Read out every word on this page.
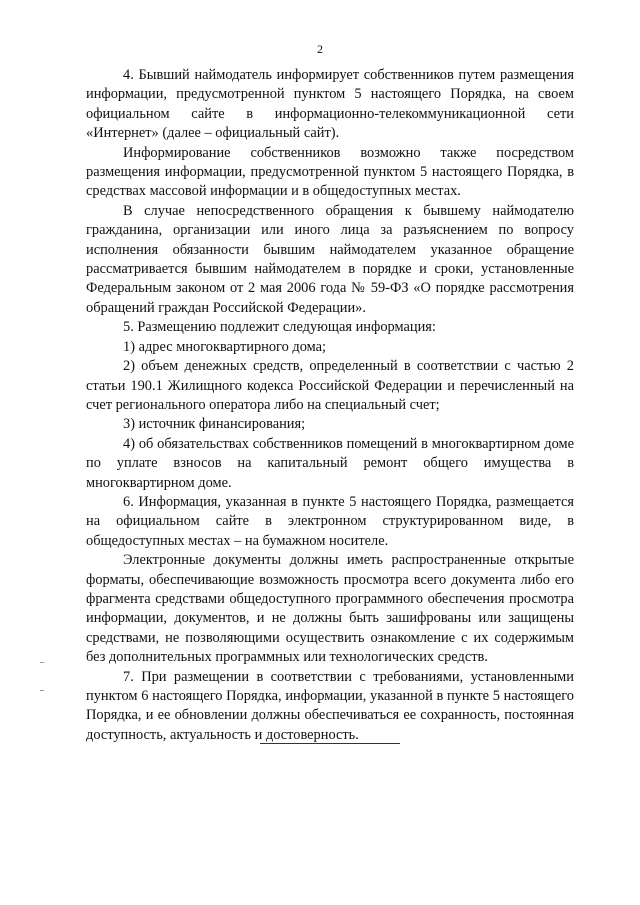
2

4. Бывший наймодатель информирует собственников путем размещения информации, предусмотренной пунктом 5 настоящего Порядка, на своем официальном сайте в информационно-телекоммуникационной сети «Интернет» (далее – официальный сайт).

Информирование собственников возможно также посредством размещения информации, предусмотренной пунктом 5 настоящего Порядка, в средствах массовой информации и в общедоступных местах.

В случае непосредственного обращения к бывшему наймодателю гражданина, организации или иного лица за разъяснением по вопросу исполнения обязанности бывшим наймодателем указанное обращение рассматривается бывшим наймодателем в порядке и сроки, установленные Федеральным законом от 2 мая 2006 года № 59-ФЗ «О порядке рассмотрения обращений граждан Российской Федерации».

5. Размещению подлежит следующая информация:

1) адрес многоквартирного дома;

2) объем денежных средств, определенный в соответствии с частью 2 статьи 190.1 Жилищного кодекса Российской Федерации и перечисленный на счет регионального оператора либо на специальный счет;

3) источник финансирования;

4) об обязательствах собственников помещений в многоквартирном доме по уплате взносов на капитальный ремонт общего имущества в многоквартирном доме.

6. Информация, указанная в пункте 5 настоящего Порядка, размещается на официальном сайте в электронном структурированном виде, в общедоступных местах – на бумажном носителе.

Электронные документы должны иметь распространенные открытые форматы, обеспечивающие возможность просмотра всего документа либо его фрагмента средствами общедоступного программного обеспечения просмотра информации, документов, и не должны быть зашифрованы или защищены средствами, не позволяющими осуществить ознакомление с их содержимым без дополнительных программных или технологических средств.

7. При размещении в соответствии с требованиями, установленными пунктом 6 настоящего Порядка, информации, указанной в пункте 5 настоящего Порядка, и ее обновлении должны обеспечиваться ее сохранность, постоянная доступность, актуальность и достоверность.
